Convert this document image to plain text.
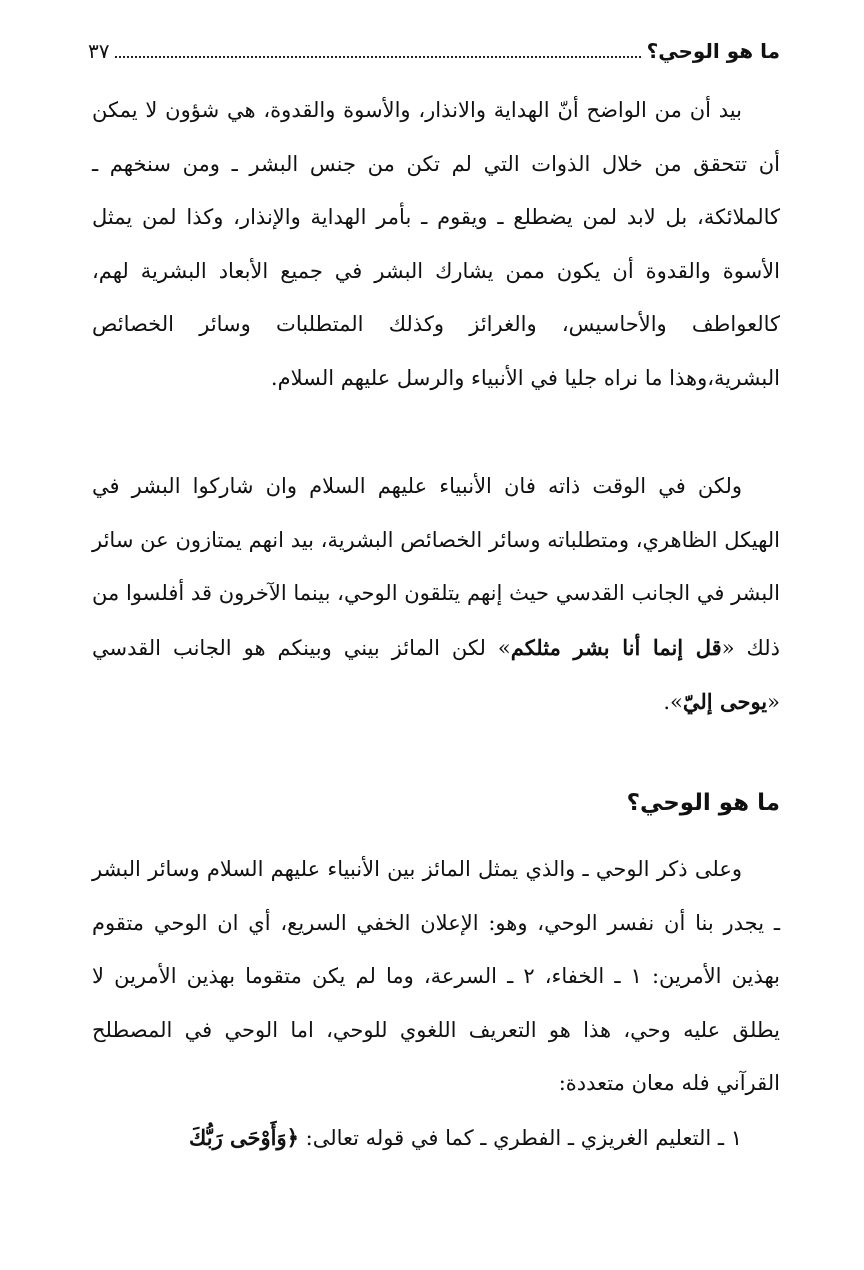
ما هو الوحي؟
٣٧

بيد أن من الواضح أنّ الهداية والانذار، والأسوة والقدوة، هي شؤون لا يمكن أن تتحقق من خلال الذوات التي لم تكن من جنس البشر ـ ومن سنخهم ـ كالملائكة، بل لابد لمن يضطلع ـ ويقوم ـ بأمر الهداية والإنذار، وكذا لمن يمثل الأسوة والقدوة أن يكون ممن يشارك البشر في جميع الأبعاد البشرية لهم، كالعواطف والأحاسيس، والغرائز وكذلك المتطلبات وسائر الخصائص البشرية،وهذا ما نراه جليا في الأنبياء والرسل عليهم السلام.

ولكن في الوقت ذاته فان الأنبياء عليهم السلام وان شاركوا البشر في الهيكل الظاهري، ومتطلباته وسائر الخصائص البشرية، بيد انهم يمتازون عن سائر البشر في الجانب القدسي حيث إنهم يتلقون الوحي، بينما الآخرون قد أفلسوا من ذلك «قل إنما أنا بشر مثلكم» لكن المائز بيني وبينكم هو الجانب القدسي «يوحى إليّ».

ما هو الوحي؟

وعلى ذكر الوحي ـ والذي يمثل المائز بين الأنبياء عليهم السلام وسائر البشر ـ يجدر بنا أن نفسر الوحي، وهو: الإعلان الخفي السريع، أي ان الوحي متقوم بهذين الأمرين: ١ ـ الخفاء، ٢ ـ السرعة، وما لم يكن متقوما بهذين الأمرين لا يطلق عليه وحي، هذا هو التعريف اللغوي للوحي، اما الوحي في المصطلح القرآني فله معان متعددة:

١ ـ التعليم الغريزي ـ الفطري ـ كما في قوله تعالى: ﴿وَأَوْحَى رَبُّكَ
